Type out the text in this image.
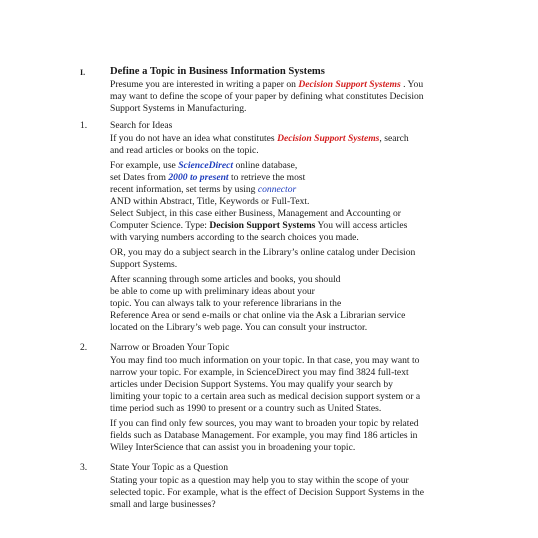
I. Define a Topic in Business Information Systems
Presume you are interested in writing a paper on Decision Support Systems . You
may want to define the scope of your paper by defining what constitutes Decision
Support Systems in Manufacturing.
1. Search for Ideas
If you do not have an idea what constitutes Decision Support Systems, search
and read articles or books on the topic.
For example, use ScienceDirect online database,
set Dates from 2000 to present to retrieve the most
recent information, set terms by using connector
AND within Abstract, Title, Keywords or Full-Text.
Select Subject, in this case either Business, Management and Accounting or
Computer Science. Type: Decision Support Systems You will access articles
with varying numbers according to the search choices you made.
OR, you may do a subject search in the Library’s online catalog under Decision
Support Systems.
After scanning through some articles and books, you should
be able to come up with preliminary ideas about your
topic. You can always talk to your reference librarians in the
Reference Area or send e-mails or chat online via the Ask a Librarian service
located on the Library’s web page. You can consult your instructor.
2. Narrow or Broaden Your Topic
You may find too much information on your topic. In that case, you may want to
narrow your topic. For example, in ScienceDirect you may find 3824 full-text
articles under Decision Support Systems. You may qualify your search by
limiting your topic to a certain area such as medical decision support system or a
time period such as 1990 to present or a country such as United States.
If you can find only few sources, you may want to broaden your topic by related
fields such as Database Management. For example, you may find 186 articles in
Wiley InterScience that can assist you in broadening your topic.
3. State Your Topic as a Question
Stating your topic as a question may help you to stay within the scope of your
selected topic. For example, what is the effect of Decision Support Systems in the
small and large businesses?
